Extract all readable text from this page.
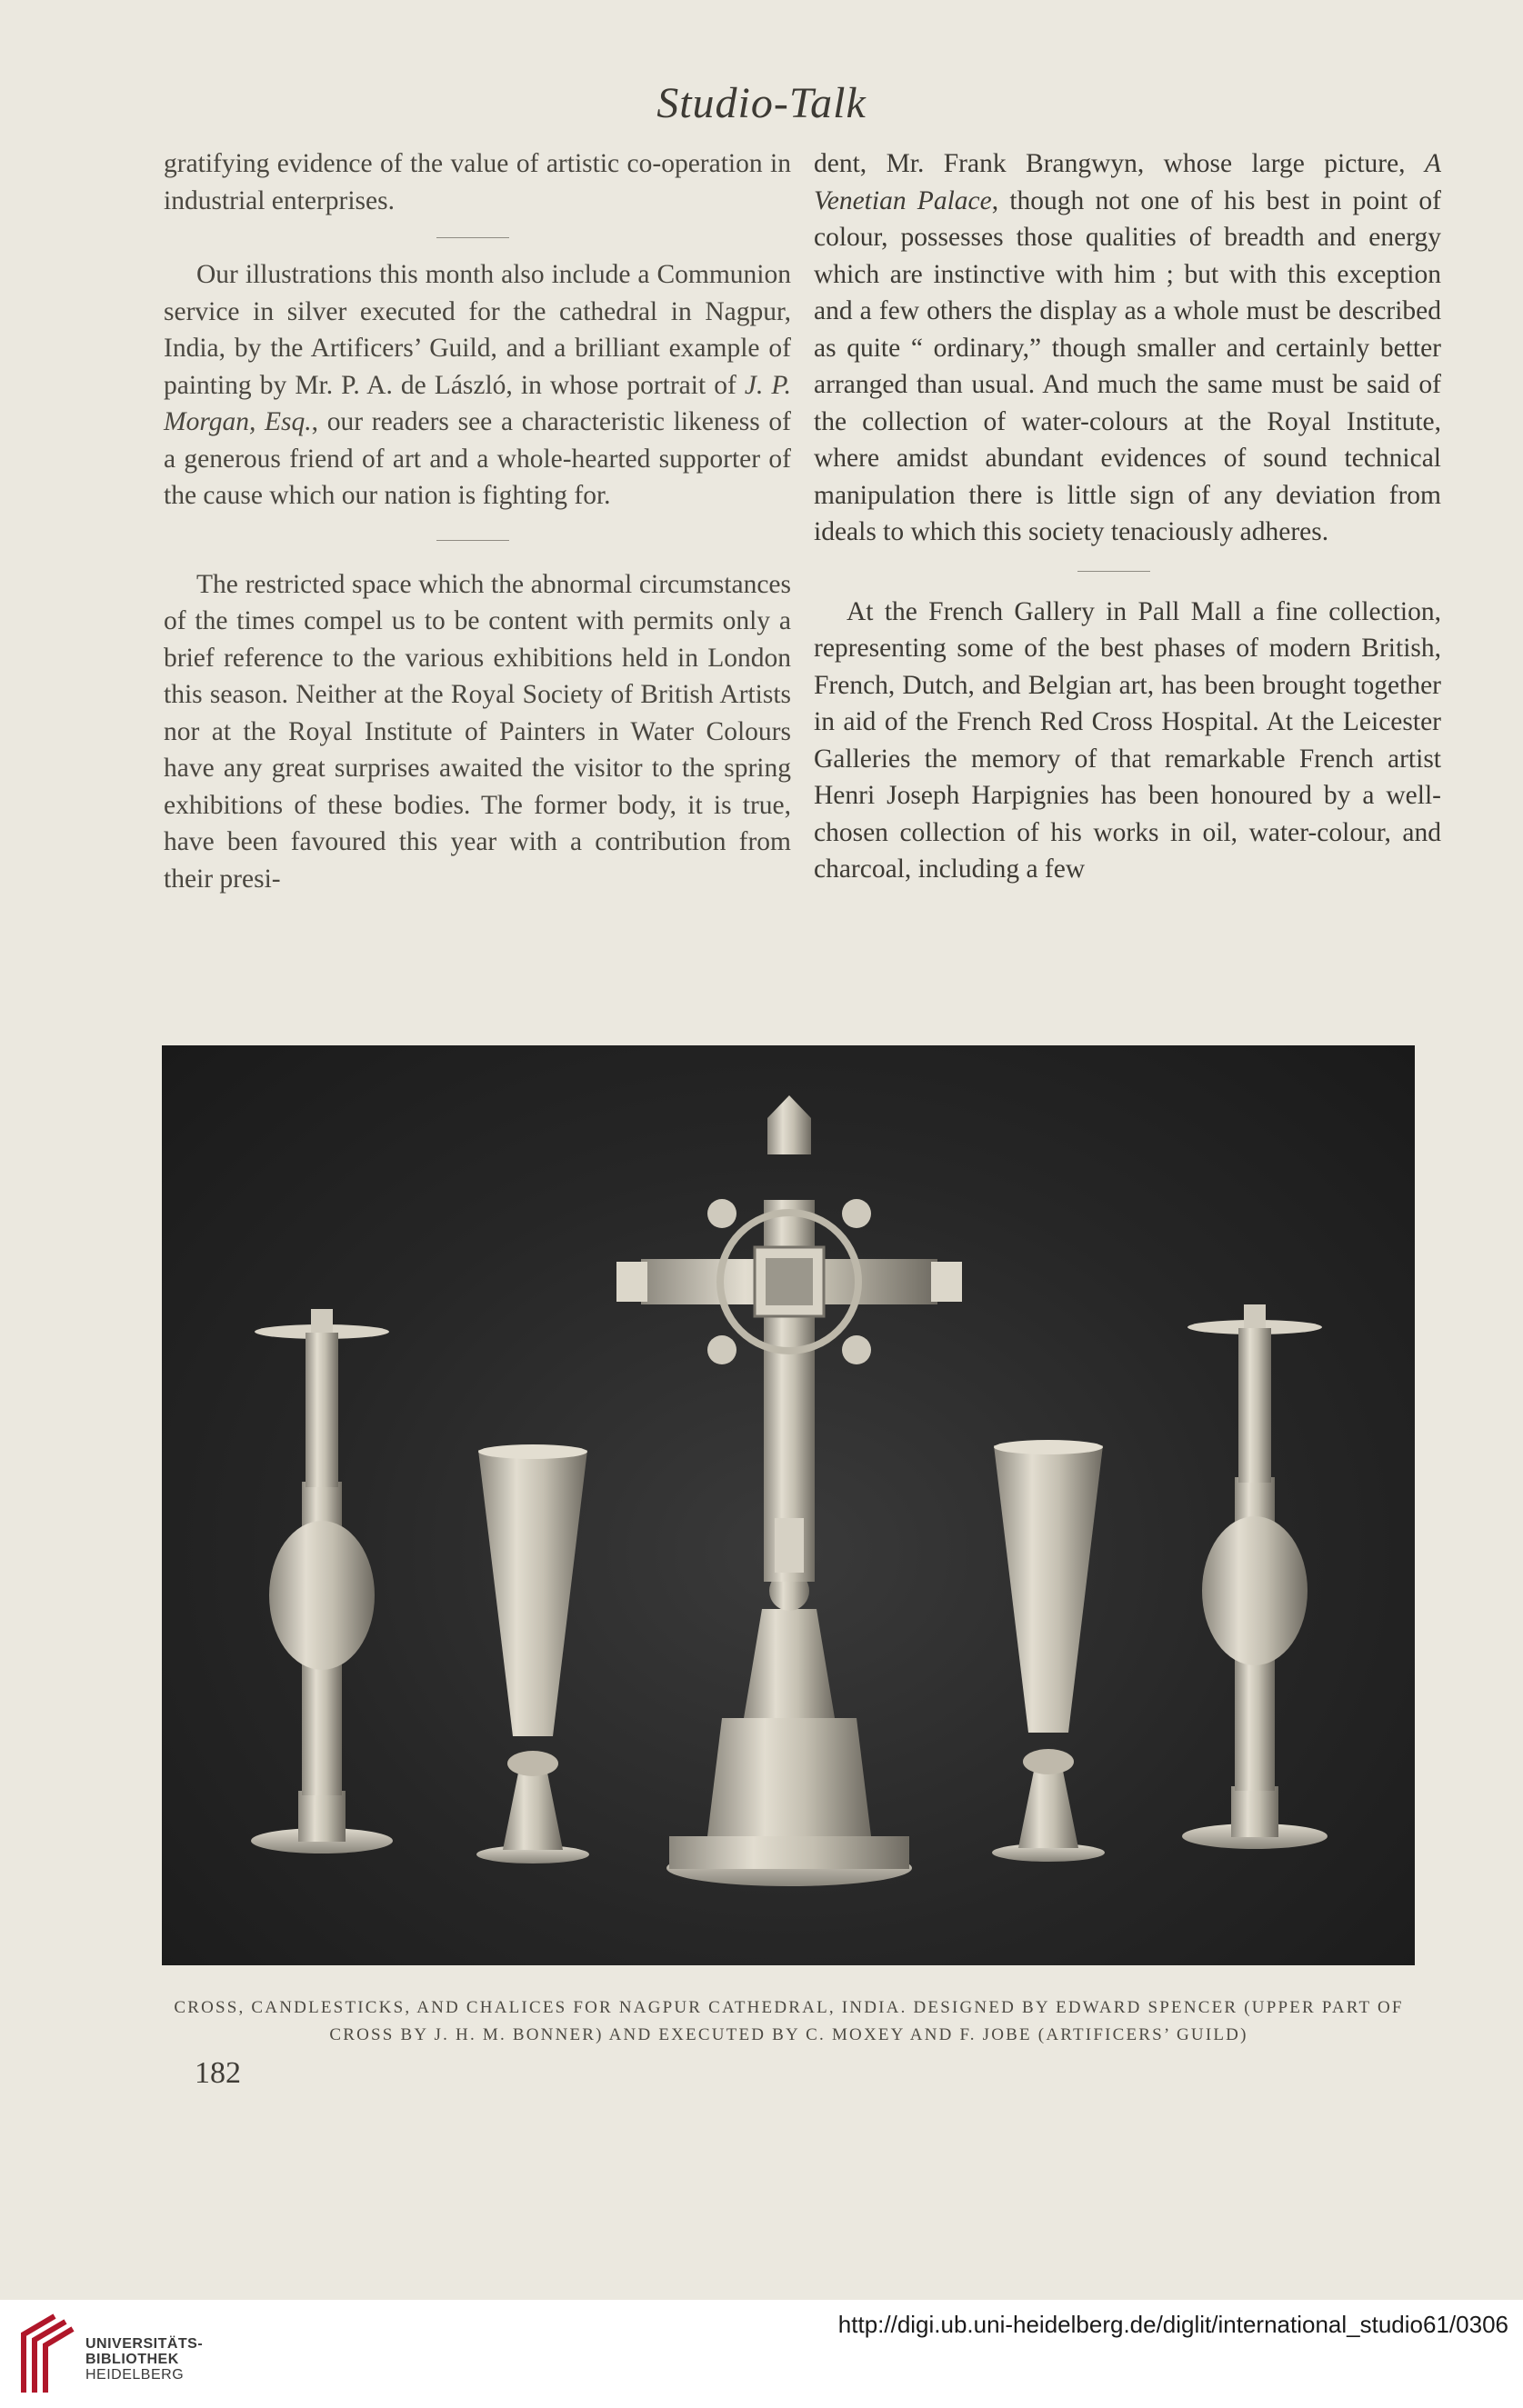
Studio-Talk

gratifying evidence of the value of artistic co-operation in industrial enterprises.

Our illustrations this month also include a Communion service in silver executed for the cathedral in Nagpur, India, by the Artificers’ Guild, and a brilliant example of painting by Mr. P. A. de László, in whose portrait of J. P. Morgan, Esq., our readers see a characteristic likeness of a generous friend of art and a whole-hearted supporter of the cause which our nation is fighting for.

The restricted space which the abnormal circumstances of the times compel us to be content with permits only a brief reference to the various exhibitions held in London this season. Neither at the Royal Society of British Artists nor at the Royal Institute of Painters in Water Colours have any great surprises awaited the visitor to the spring exhibitions of these bodies. The former body, it is true, have been favoured this year with a contribution from their presi-

dent, Mr. Frank Brangwyn, whose large picture, A Venetian Palace, though not one of his best in point of colour, possesses those qualities of breadth and energy which are instinctive with him ; but with this exception and a few others the display as a whole must be described as quite “ ordinary,” though smaller and certainly better arranged than usual. And much the same must be said of the collection of water-colours at the Royal Institute, where amidst abundant evidences of sound technical manipulation there is little sign of any deviation from ideals to which this society tenaciously adheres.

At the French Gallery in Pall Mall a fine collection, representing some of the best phases of modern British, French, Dutch, and Belgian art, has been brought together in aid of the French Red Cross Hospital. At the Leicester Galleries the memory of that remarkable French artist Henri Joseph Harpignies has been honoured by a well-chosen collection of his works in oil, water-colour, and charcoal, including a few

CROSS, CANDLESTICKS, AND CHALICES FOR NAGPUR CATHEDRAL, INDIA. DESIGNED BY EDWARD SPENCER (UPPER PART OF CROSS BY J. H. M. BONNER) AND EXECUTED BY C. MOXEY AND F. JOBE (ARTIFICERS’ GUILD)
182
UNIVERSITÄTS-
BIBLIOTHEK
HEIDELBERG
http://digi.ub.uni-heidelberg.de/diglit/international_studio61/0306
